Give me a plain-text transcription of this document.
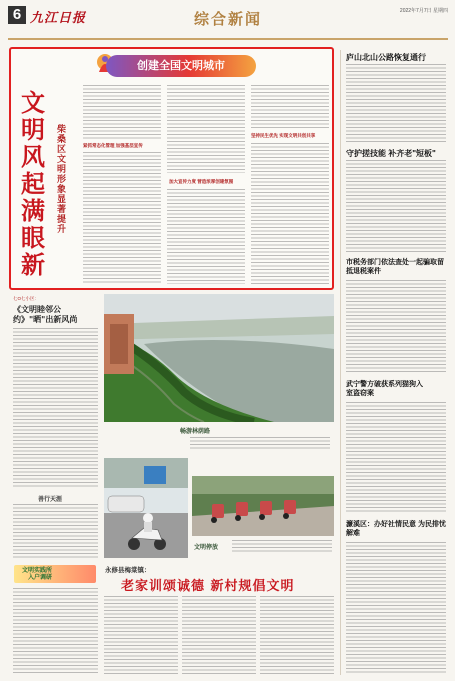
6 九江日报	综合新闻	2022年7月7日 星期四
创建全国文明城市
文明风起满眼新
柴桑区文明形象显著提升
紧抓常态化管理 加强基层宣传
加大宣传力度 营造浓厚创建氛围
坚持民生优先 实现文明共创共享
庐山北山公路恢复通行
守护搓技能 补齐老"短板"
市税务部门依法查处一起骗取留抵退税案件
武宁警方破获系列猫狗入室盗窃案
濂溪区：办好社情民意 为民排忧解难
七O七小区：
《文明睦邻公约》"晒"出新风尚
善行天涯
文明实践所
入户调研
畅游林荫路
文明停放
永修县梅棠镇：
老家训颂诚德 新村规倡文明
